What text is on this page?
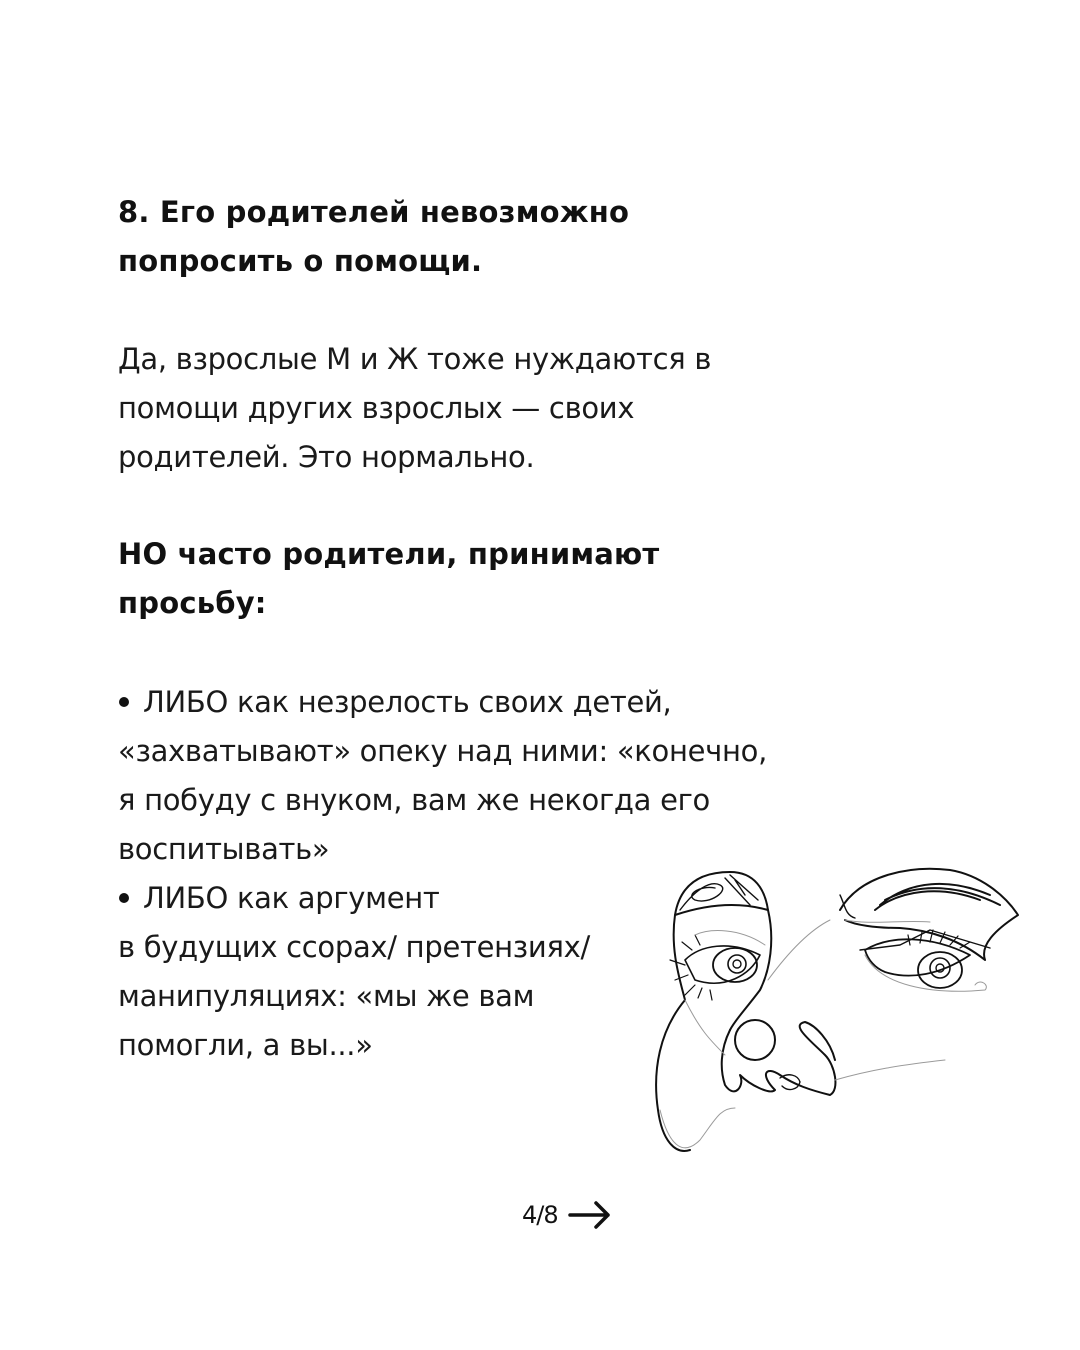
8. Его родителей невозможно
попросить о помощи.

Да, взрослые М и Ж тоже нуждаются в
помощи других взрослых — своих
родителей. Это нормально.

НО часто родители, принимают
просьбу:
ЛИБО как незрелость своих детей,
«захватывают» опеку над ними: «конечно,
я побуду с внуком, вам же некогда его
воспитывать»
ЛИБО как аргумент
в будущих ссорах/ претензиях/
манипуляциях: «мы же вам
помогли, а вы...»
4/8
